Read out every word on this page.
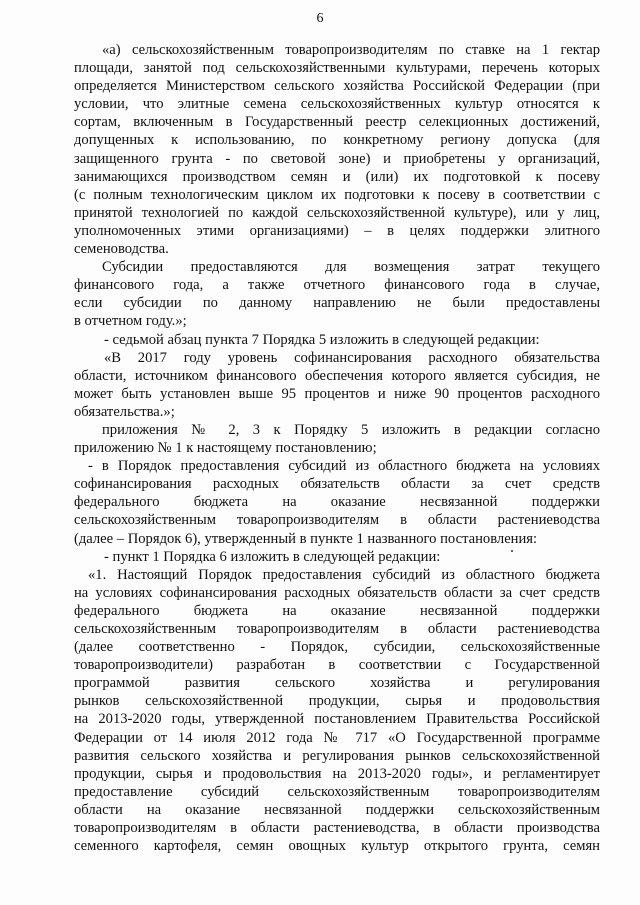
6
«а) сельскохозяйственным товаропроизводителям по ставке на 1 гектар
площади, занятой под сельскохозяйственными культурами, перечень которых
определяется Министерством сельского хозяйства Российской Федерации (при
условии, что элитные семена сельскохозяйственных культур относятся к
сортам, включенным в Государственный реестр селекционных достижений,
допущенных к использованию, по конкретному региону допуска (для
защищенного грунта - по световой зоне) и приобретены у организаций,
занимающихся производством семян и (или) их подготовкой к посеву
(с полным технологическим циклом их подготовки к посеву в соответствии с
принятой технологией по каждой сельскохозяйственной культуре), или у лиц,
уполномоченных этими организациями) – в целях поддержки элитного
семеноводства.
Субсидии предоставляются для возмещения затрат текущего
финансового года, а также отчетного финансового года в случае,
если субсидии по данному направлению не были предоставлены
в отчетном году.»;
- седьмой абзац пункта 7 Порядка 5 изложить в следующей редакции:
«В 2017 году уровень софинансирования расходного обязательства
области, источником финансового обеспечения которого является субсидия, не
может быть установлен выше 95 процентов и ниже 90 процентов расходного
обязательства.»;
приложения № 2, 3 к Порядку 5 изложить в редакции согласно
приложению № 1 к настоящему постановлению;
- в Порядок предоставления субсидий из областного бюджета на условиях
софинансирования расходных обязательств области за счет средств
федерального бюджета на оказание несвязанной поддержки
сельскохозяйственным товаропроизводителям в области растениеводства
(далее – Порядок 6), утвержденный в пункте 1 названного постановления:
- пункт 1 Порядка 6 изложить в следующей редакции:
«1. Настоящий Порядок предоставления субсидий из областного бюджета
на условиях софинансирования расходных обязательств области за счет средств
федерального бюджета на оказание несвязанной поддержки
сельскохозяйственным товаропроизводителям в области растениеводства
(далее соответственно - Порядок, субсидии, сельскохозяйственные
товаропроизводители) разработан в соответствии с Государственной
программой развития сельского хозяйства и регулирования
рынков сельскохозяйственной продукции, сырья и продовольствия
на 2013-2020 годы, утвержденной постановлением Правительства Российской
Федерации от 14 июля 2012 года № 717 «О Государственной программе
развития сельского хозяйства и регулирования рынков сельскохозяйственной
продукции, сырья и продовольствия на 2013-2020 годы», и регламентирует
предоставление субсидий сельскохозяйственным товаропроизводителям
области на оказание несвязанной поддержки сельскохозяйственным
товаропроизводителям в области растениеводства, в области производства
семенного картофеля, семян овощных культур открытого грунта, семян
